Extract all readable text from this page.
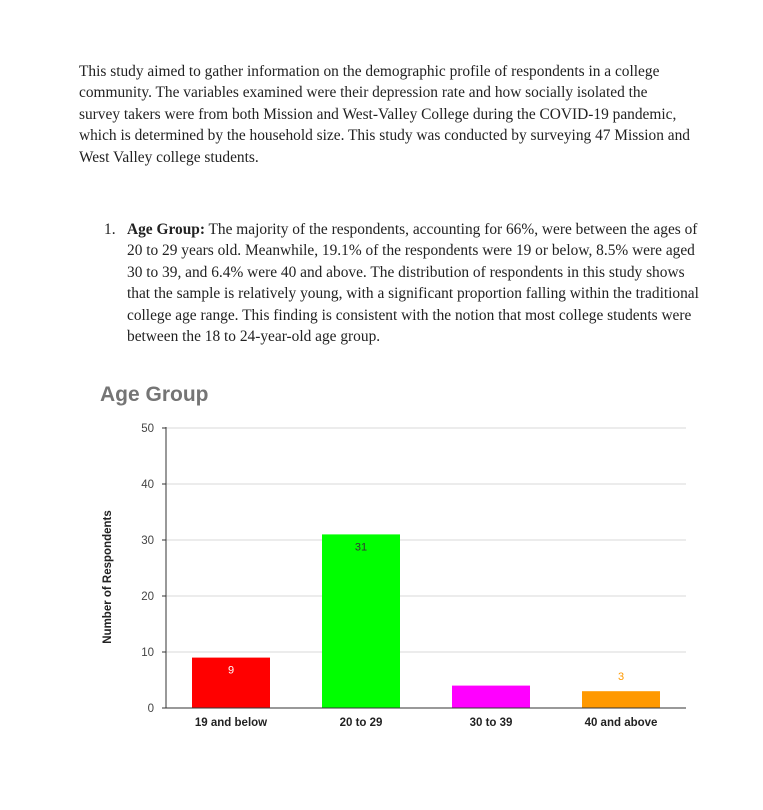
This study aimed to gather information on the demographic profile of respondents in a college community. The variables examined were their depression rate and how socially isolated the survey takers were from both Mission and West-Valley College during the COVID-19 pandemic, which is determined by the household size. This study was conducted by surveying 47 Mission and West Valley college students.

1. Age Group: The majority of the respondents, accounting for 66%, were between the ages of 20 to 29 years old. Meanwhile, 19.1% of the respondents were 19 or below, 8.5% were aged 30 to 39, and 6.4% were 40 and above. The distribution of respondents in this study shows that the sample is relatively young, with a significant proportion falling within the traditional college age range. This finding is consistent with the notion that most college students were between the 18 to 24-year-old age group.
Age Group
0
10
20
30
40
50
9
31
4	3
19 and below	20 to 29	30 to 39	40 and above
Number of Respondents
